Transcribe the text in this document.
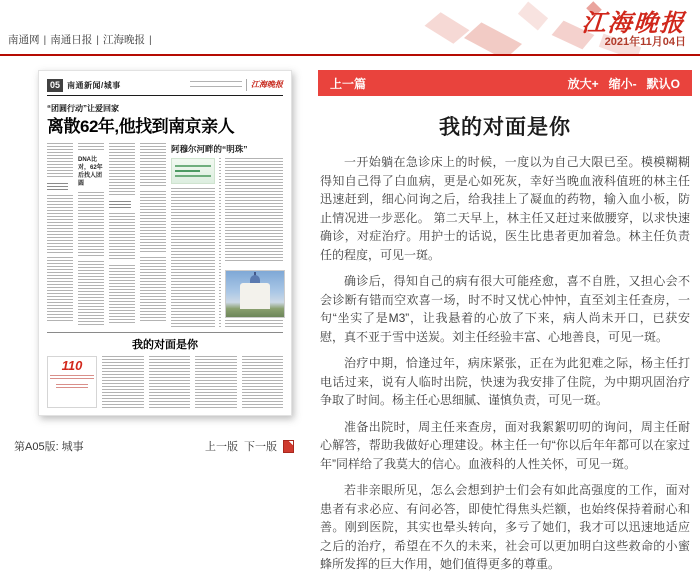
南通网 | 南通日报 | 江海晚报 |
江海晚报
2021年11月04日
05 南通新闻/城事	江海晚报
“团圆行动”让爱回家
离散62年,他找到南京亲人
DNA比对，62年后找人团圆
阿穆尔河畔的“明珠”
我的对面是你
110
第A05版: 城事	上一版 下一版
上一篇	放大+ 缩小- 默认O
我的对面是你

一开始躺在急诊床上的时候，一度以为自己大限已至。模模糊糊得知自己得了白血病，更是心如死灰，幸好当晚血液科值班的林主任迅速赶到，细心问询之后，给我挂上了凝血的药物，输入血小板，防止情况进一步恶化。 第二天早上，林主任又赶过来做腰穿，以求快速确诊，对症治疗。用护士的话说，医生比患者更加着急。林主任负责任的程度，可见一斑。

确诊后，得知自己的病有很大可能痊愈，喜不自胜，又担心会不会诊断有错而空欢喜一场，时不时又忧心忡忡，直至刘主任查房，一句“坐实了是M3”，让我悬着的心放了下来，病人尚未开口，已获安慰，真不亚于雪中送炭。刘主任经验丰富、心地善良，可见一斑。

治疗中期，恰逢过年，病床紧张，正在为此犯难之际，杨主任打电话过来，说有人临时出院，快速为我安排了住院，为中期巩固治疗争取了时间。杨主任心思细腻、谨慎负责，可见一斑。

准备出院时，周主任来查房，面对我絮絮叨叨的询问，周主任耐心解答，帮助我做好心理建设。林主任一句“你以后年年都可以在家过年”同样给了我莫大的信心。血液科的人性关怀，可见一斑。

若非亲眼所见，怎么会想到护士们会有如此高强度的工作，面对患者有求必应、有问必答，即使忙得焦头烂额，也始终保持着耐心和善。刚到医院，其实也晕头转向，多亏了她们，我才可以迅速地适应之后的治疗，希望在不久的未来，社会可以更加明白这些救命的小蜜蜂所发挥的巨大作用，她们值得更多的尊重。
